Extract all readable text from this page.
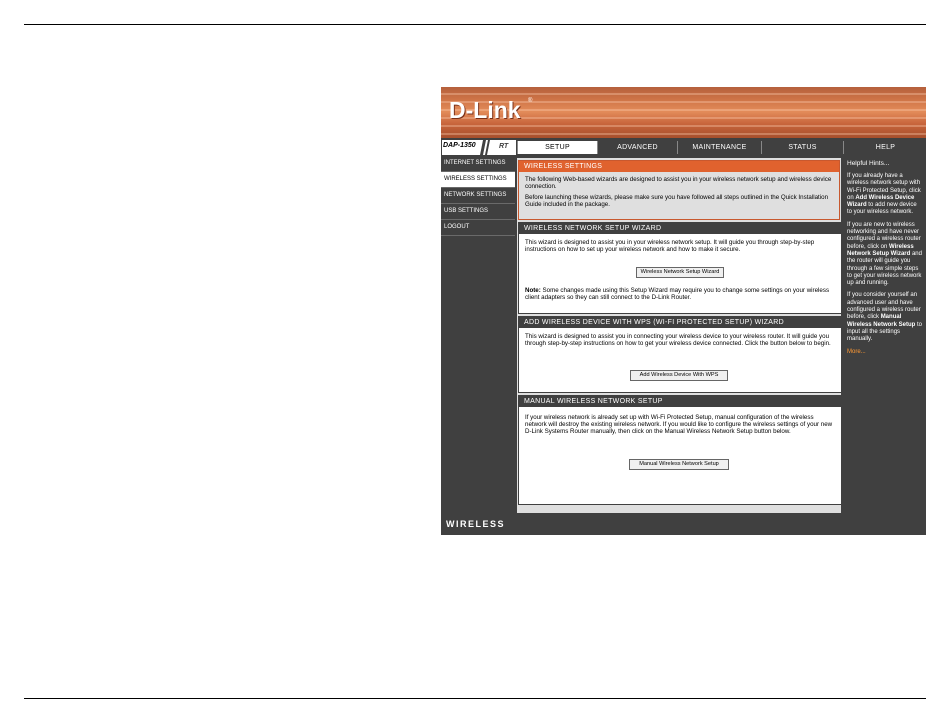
D-Link ®
DAP-1350	RT	SETUP	ADVANCED	MAINTENANCE	STATUS	HELP
INTERNET SETTINGS
WIRELESS SETTINGS
NETWORK SETTINGS
USB SETTINGS
LOGOUT
WIRELESS SETTINGS
The following Web-based wizards are designed to assist you in your wireless network setup and wireless device connection.
Before launching these wizards, please make sure you have followed all steps outlined in the Quick Installation Guide included in the package.
WIRELESS NETWORK SETUP WIZARD
This wizard is designed to assist you in your wireless network setup. It will guide you through step-by-step instructions on how to set up your wireless network and how to make it secure.
Wireless Network Setup Wizard
Note: Some changes made using this Setup Wizard may require you to change some settings on your wireless client adapters so they can still connect to the D-Link Router.
ADD WIRELESS DEVICE WITH WPS (WI-FI PROTECTED SETUP) WIZARD
This wizard is designed to assist you in connecting your wireless device to your wireless router. It will guide you through step-by-step instructions on how to get your wireless device connected. Click the button below to begin.
Add Wireless Device With WPS
MANUAL WIRELESS NETWORK SETUP
If your wireless network is already set up with Wi-Fi Protected Setup, manual configuration of the wireless network will destroy the existing wireless network. If you would like to configure the wireless settings of your new D-Link Systems Router manually, then click on the Manual Wireless Network Setup button below.
Manual Wireless Network Setup
Helpful Hints...
If you already have a wireless network setup with Wi-Fi Protected Setup, click on Add Wireless Device Wizard to add new device to your wireless network.
If you are new to wireless networking and have never configured a wireless router before, click on Wireless Network Setup Wizard and the router will guide you through a few simple steps to get your wireless network up and running.
If you consider yourself an advanced user and have configured a wireless router before, click Manual Wireless Network Setup to input all the settings manually.
More...
WIRELESS
